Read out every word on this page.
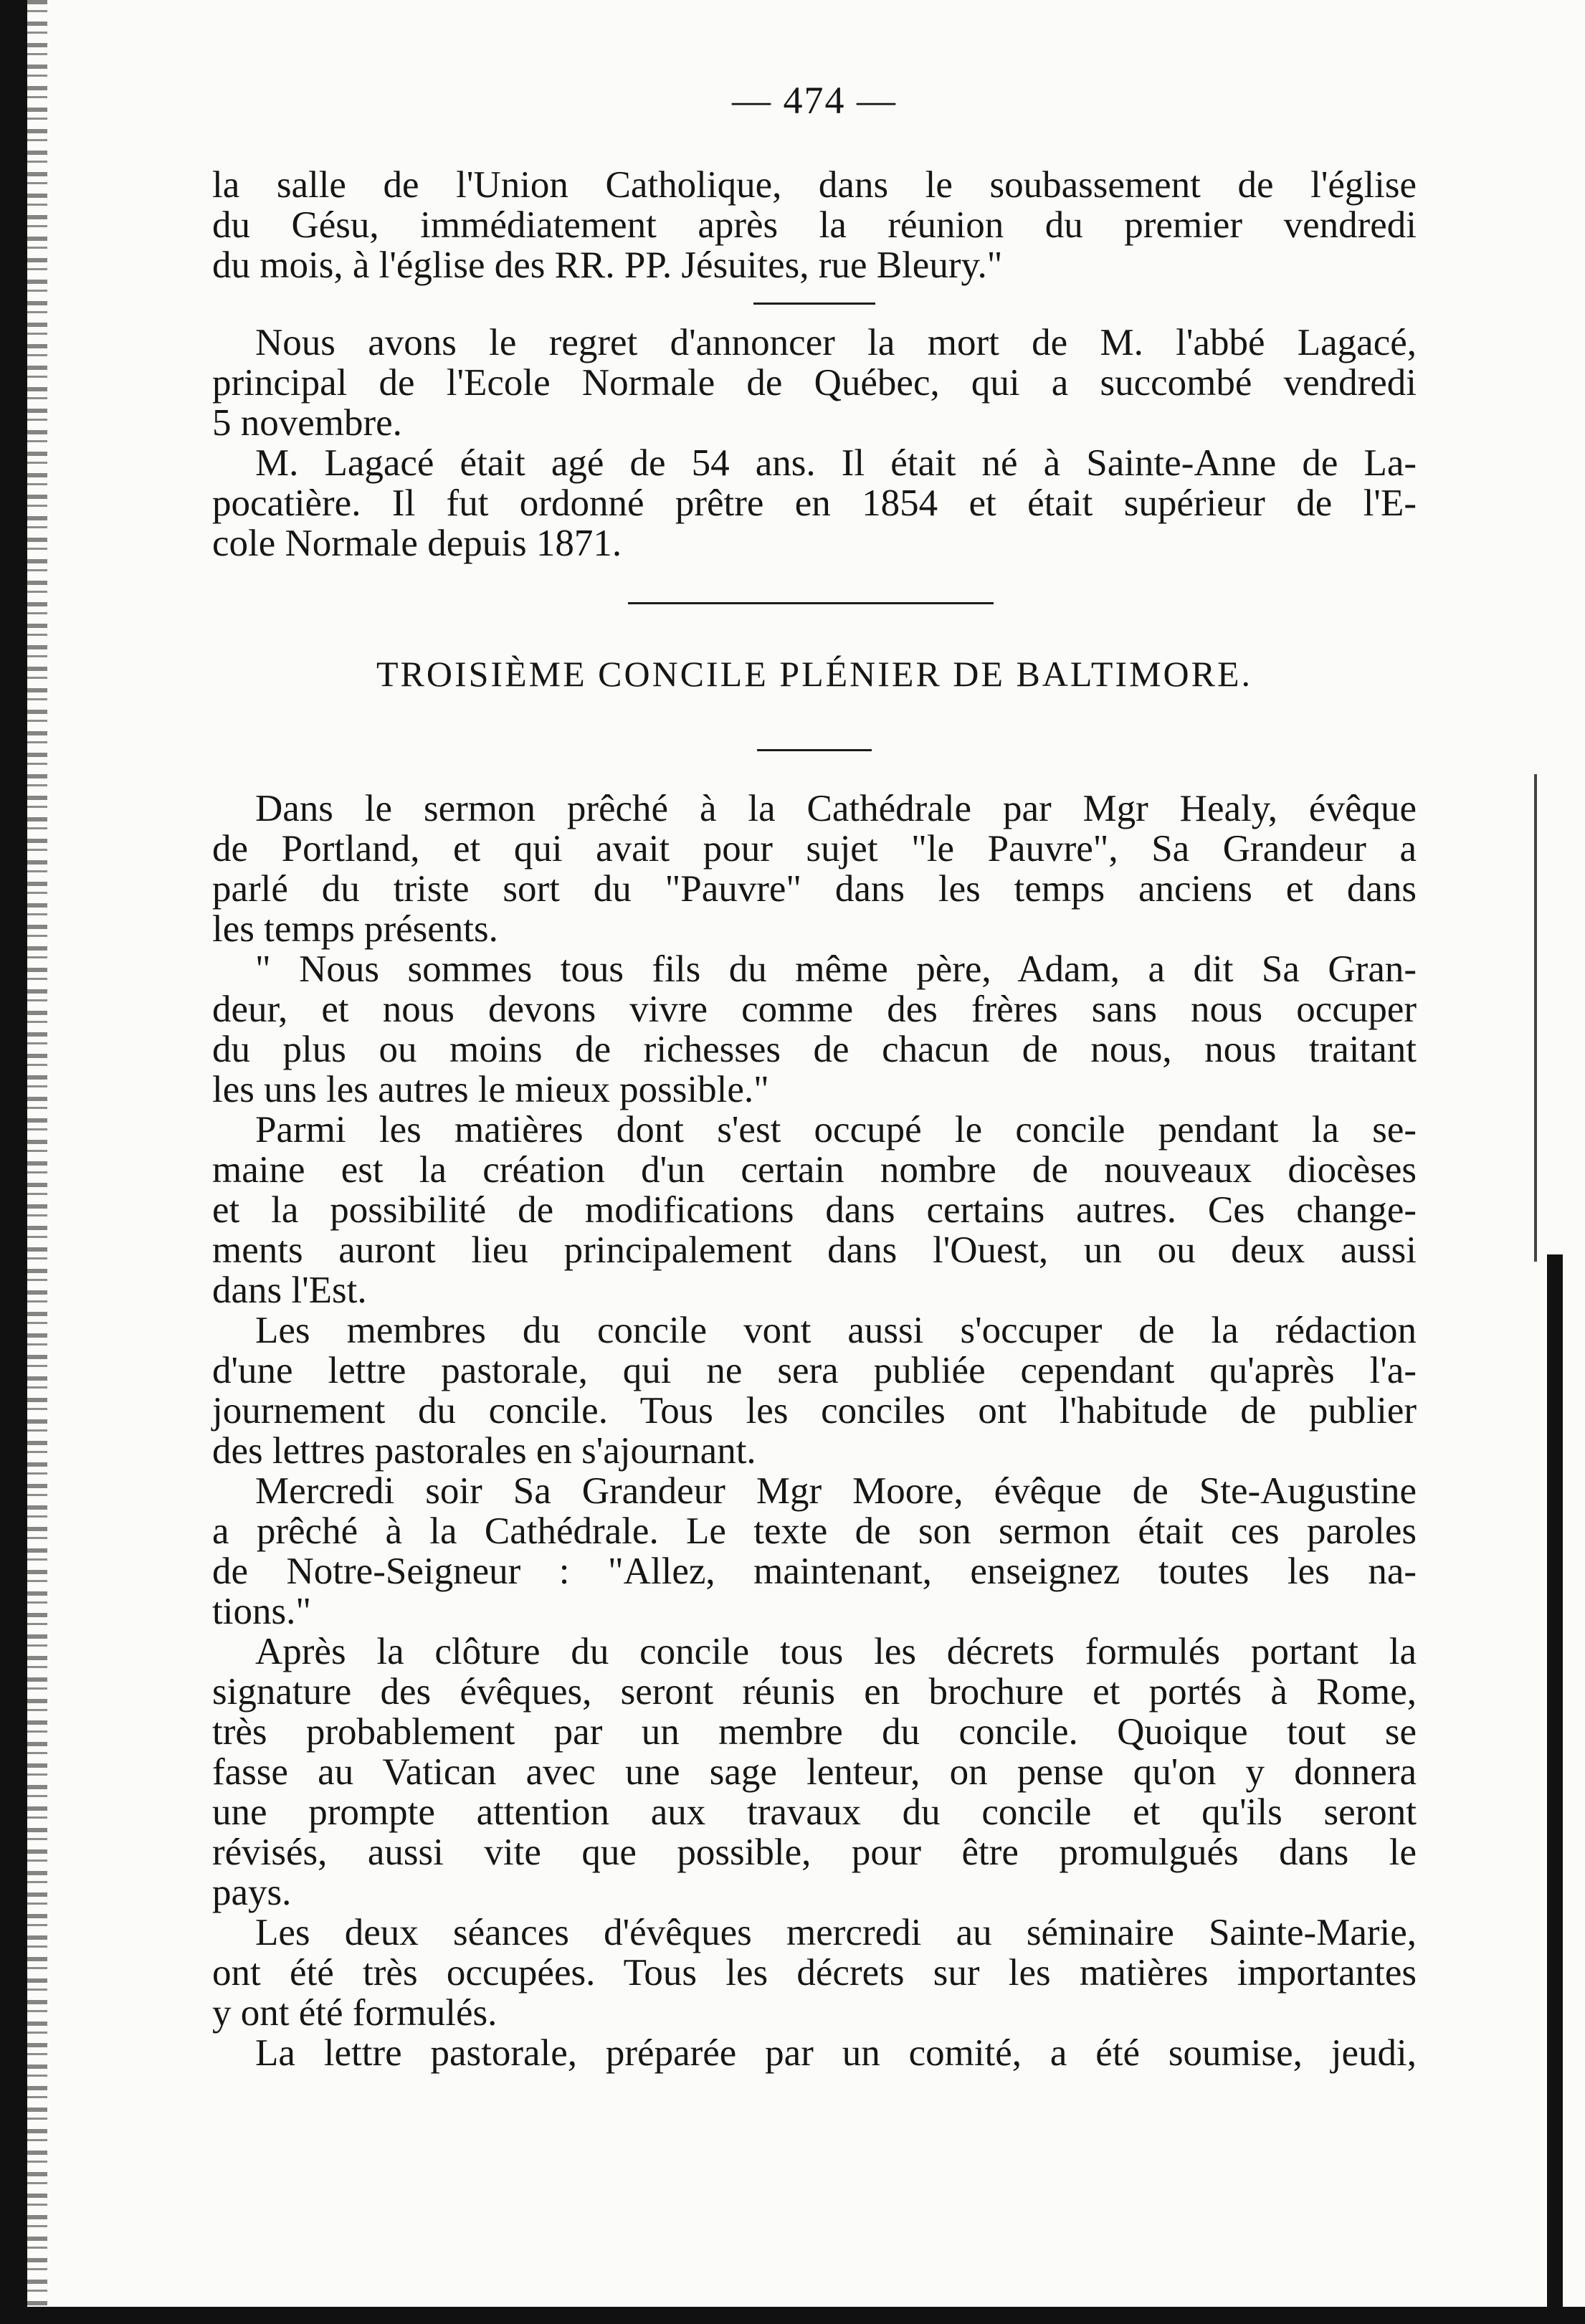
— 474 —

la salle de l'Union Catholique, dans le soubassement de l'église

du Gésu, immédiatement après la réunion du premier vendredi

du mois, à l'église des RR. PP. Jésuites, rue Bleury."

Nous avons le regret d'annoncer la mort de M. l'abbé Lagacé,

principal de l'Ecole Normale de Québec, qui a succombé vendredi

5 novembre.

M. Lagacé était agé de 54 ans. Il était né à Sainte-Anne de La-

pocatière. Il fut ordonné prêtre en 1854 et était supérieur de l'E-

cole Normale depuis 1871.

TROISIÈME CONCILE PLÉNIER DE BALTIMORE.

Dans le sermon prêché à la Cathédrale par Mgr Healy, évêque

de Portland, et qui avait pour sujet "le Pauvre", Sa Grandeur a

parlé du triste sort du "Pauvre" dans les temps anciens et dans

les temps présents.

" Nous sommes tous fils du même père, Adam, a dit Sa Gran-

deur, et nous devons vivre comme des frères sans nous occuper

du plus ou moins de richesses de chacun de nous, nous traitant

les uns les autres le mieux possible."

Parmi les matières dont s'est occupé le concile pendant la se-

maine est la création d'un certain nombre de nouveaux diocèses

et la possibilité de modifications dans certains autres. Ces change-

ments auront lieu principalement dans l'Ouest, un ou deux aussi

dans l'Est.

Les membres du concile vont aussi s'occuper de la rédaction

d'une lettre pastorale, qui ne sera publiée cependant qu'après l'a-

journement du concile. Tous les conciles ont l'habitude de publier

des lettres pastorales en s'ajournant.

Mercredi soir Sa Grandeur Mgr Moore, évêque de Ste-Augustine

a prêché à la Cathédrale. Le texte de son sermon était ces paroles

de Notre-Seigneur : "Allez, maintenant, enseignez toutes les na-

tions."

Après la clôture du concile tous les décrets formulés portant la

signature des évêques, seront réunis en brochure et portés à Rome,

très probablement par un membre du concile. Quoique tout se

fasse au Vatican avec une sage lenteur, on pense qu'on y donnera

une prompte attention aux travaux du concile et qu'ils seront

révisés, aussi vite que possible, pour être promulgués dans le

pays.

Les deux séances d'évêques mercredi au séminaire Sainte-Marie,

ont été très occupées. Tous les décrets sur les matières importantes

y ont été formulés.

La lettre pastorale, préparée par un comité, a été soumise, jeudi,
